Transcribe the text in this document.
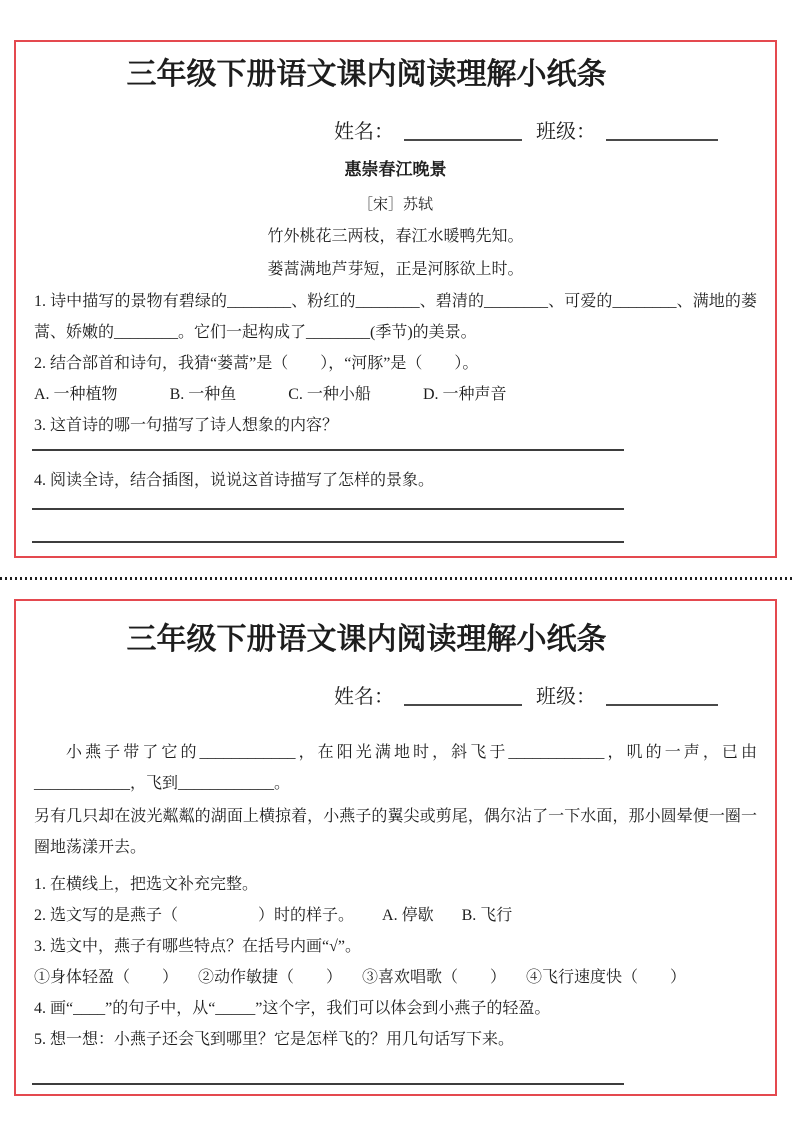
三年级下册语文课内阅读理解小纸条
姓名：	班级：
惠崇春江晚景
［宋］苏轼
竹外桃花三两枝，春江水暖鸭先知。
蒌蒿满地芦芽短，正是河豚欲上时。

1. 诗中描写的景物有碧绿的________、粉红的________、碧清的________、可爱的________、满地的蒌蒿、娇嫩的________。它们一起构成了________(季节)的美景。

2. 结合部首和诗句，我猜“蒌蒿”是（　　），“河豚”是（　　）。

A. 一种植物	B. 一种鱼	C. 一种小船	D. 一种声音

3. 这首诗的哪一句描写了诗人想象的内容？

4. 阅读全诗，结合插图，说说这首诗描写了怎样的景象。

三年级下册语文课内阅读理解小纸条
姓名：	班级：

小燕子带了它的____________，在阳光满地时，斜飞于____________，叽的一声，已由____________，飞到____________。

另有几只却在波光粼粼的湖面上横掠着，小燕子的翼尖或剪尾，偶尔沾了一下水面，那小圆晕便一圈一圈地荡漾开去。

1. 在横线上，把选文补充完整。

2. 选文写的是燕子（　　　　　）时的样子。 A. 停歇 B. 飞行

3. 选文中，燕子有哪些特点？在括号内画“√”。

①身体轻盈（　　） ②动作敏捷（　　） ③喜欢唱歌（　　） ④飞行速度快（　　）

4. 画“____”的句子中，从“_____”这个字，我们可以体会到小燕子的轻盈。

5. 想一想：小燕子还会飞到哪里？它是怎样飞的？用几句话写下来。
